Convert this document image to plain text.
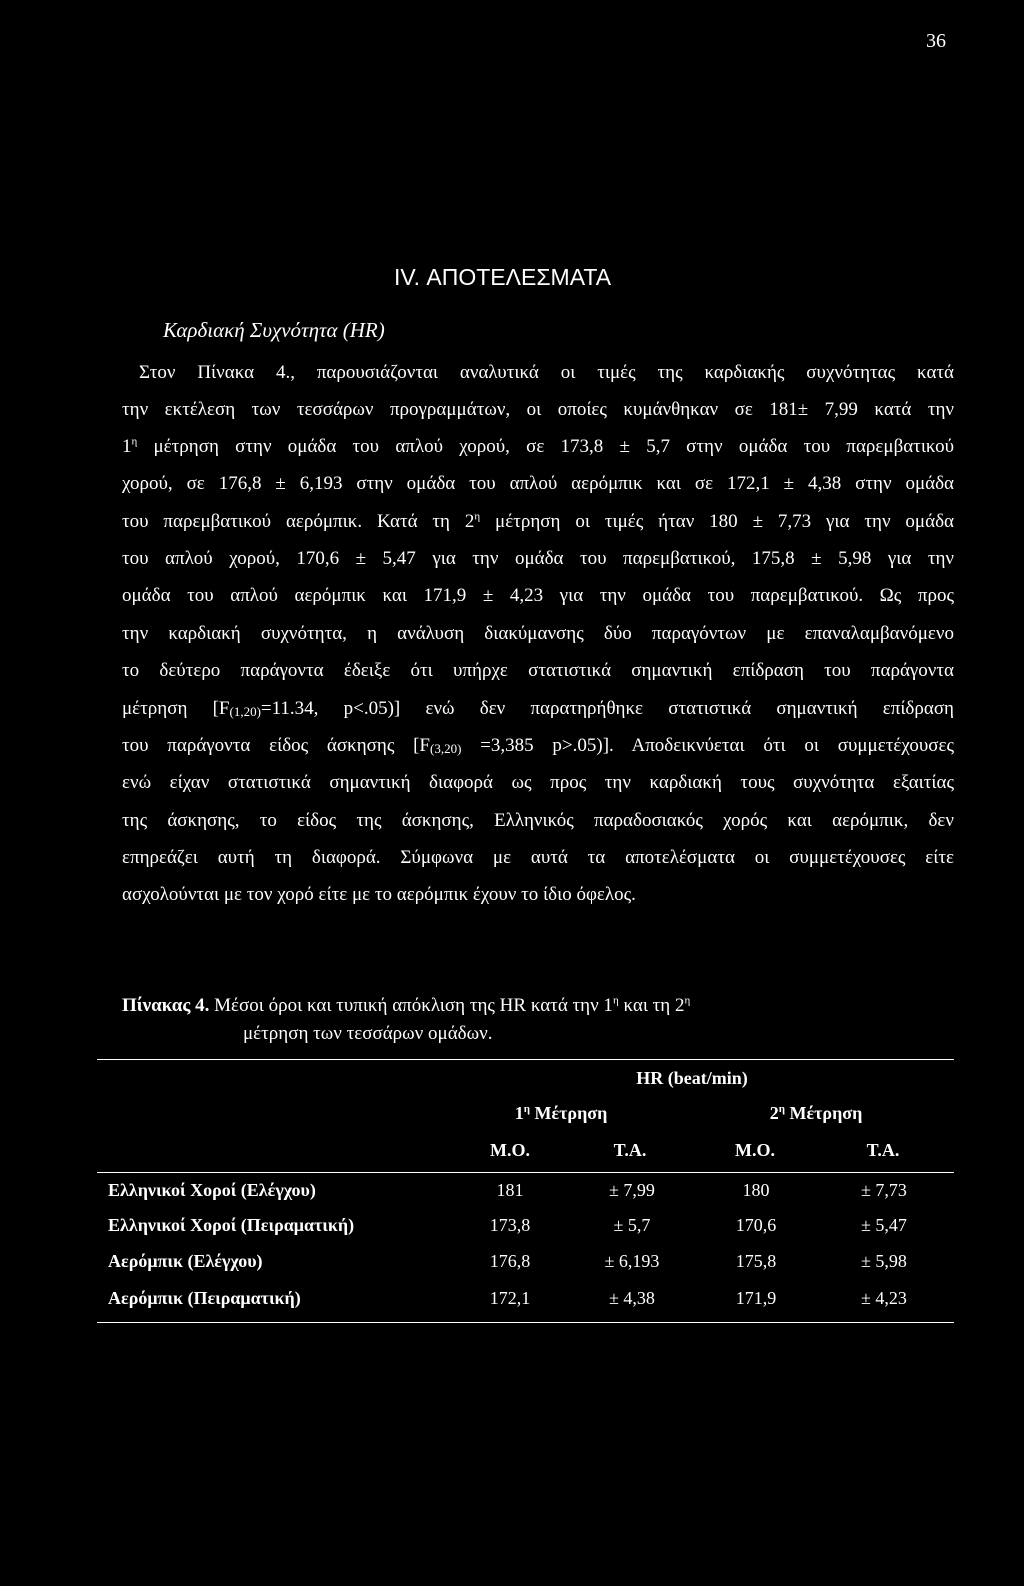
36
IV. ΑΠΟΤΕΛΕΣΜΑΤΑ
Καρδιακή Συχνότητα (HR)
Στον Πίνακα 4., παρουσιάζονται αναλυτικά οι τιμές της καρδιακής συχνότητας κατά
την εκτέλεση των τεσσάρων προγραμμάτων, οι οποίες κυμάνθηκαν σε 181± 7,99 κατά την
$1^\eta$ μέτρηση στην ομάδα του απλού χορού, σε 173,8 ± 5,7 στην ομάδα του παρεμβατικού
χορού, σε 176,8 ± 6,193 στην ομάδα του απλού αερόμπικ και σε 172,1 ± 4,38 στην ομάδα
του παρεμβατικού αερόμπικ. Κατά τη $2^\eta$ μέτρηση οι τιμές ήταν 180 ± 7,73 για την ομάδα
του απλού χορού, 170,6 ± 5,47 για την ομάδα του παρεμβατικού, 175,8 ± 5,98 για την
ομάδα του απλού αερόμπικ και 171,9 ± 4,23 για την ομάδα του παρεμβατικού. Ως προς
την καρδιακή συχνότητα, η ανάλυση διακύμανσης δύο παραγόντων με επαναλαμβανόμενο
το δεύτερο παράγοντα έδειξε ότι υπήρχε στατιστικά σημαντική επίδραση του παράγοντα
μέτρηση [$F_{(1,20)}=11.34$, p<.05)] ενώ δεν παρατηρήθηκε στατιστικά σημαντική επίδραση
του παράγοντα είδος άσκησης [$F_{(3,20)} =3,385$ p>.05)]. Αποδεικνύεται ότι οι συμμετέχουσες
ενώ είχαν στατιστικά σημαντική διαφορά ως προς την καρδιακή τους συχνότητα εξαιτίας
της άσκησης, το είδος της άσκησης, Ελληνικός παραδοσιακός χορός και αερόμπικ, δεν
επηρεάζει αυτή τη διαφορά. Σύμφωνα με αυτά τα αποτελέσματα οι συμμετέχουσες είτε
ασχολούνται με τον χορό είτε με το αερόμπικ έχουν το ίδιο όφελος.
Πίνακας 4. Μέσοι όροι και τυπική απόκλιση της HR κατά την $1^\eta$ και τη $2^\eta$
μέτρηση των τεσσάρων ομάδων.
HR (beat/min)
$1^\eta$ Μέτρηση	$2^\eta$ Μέτρηση
Μ.Ο.	Τ.Α.	Μ.Ο.	Τ.Α.
Ελληνικοί Χοροί (Ελέγχου)	181	± 7,99	180	± 7,73
Ελληνικοί Χοροί (Πειραματική)	173,8	± 5,7	170,6	± 5,47
Αερόμπικ (Ελέγχου)	176,8	± 6,193	175,8	± 5,98
Αερόμπικ (Πειραματική)	172,1	± 4,38	171,9	± 4,23
